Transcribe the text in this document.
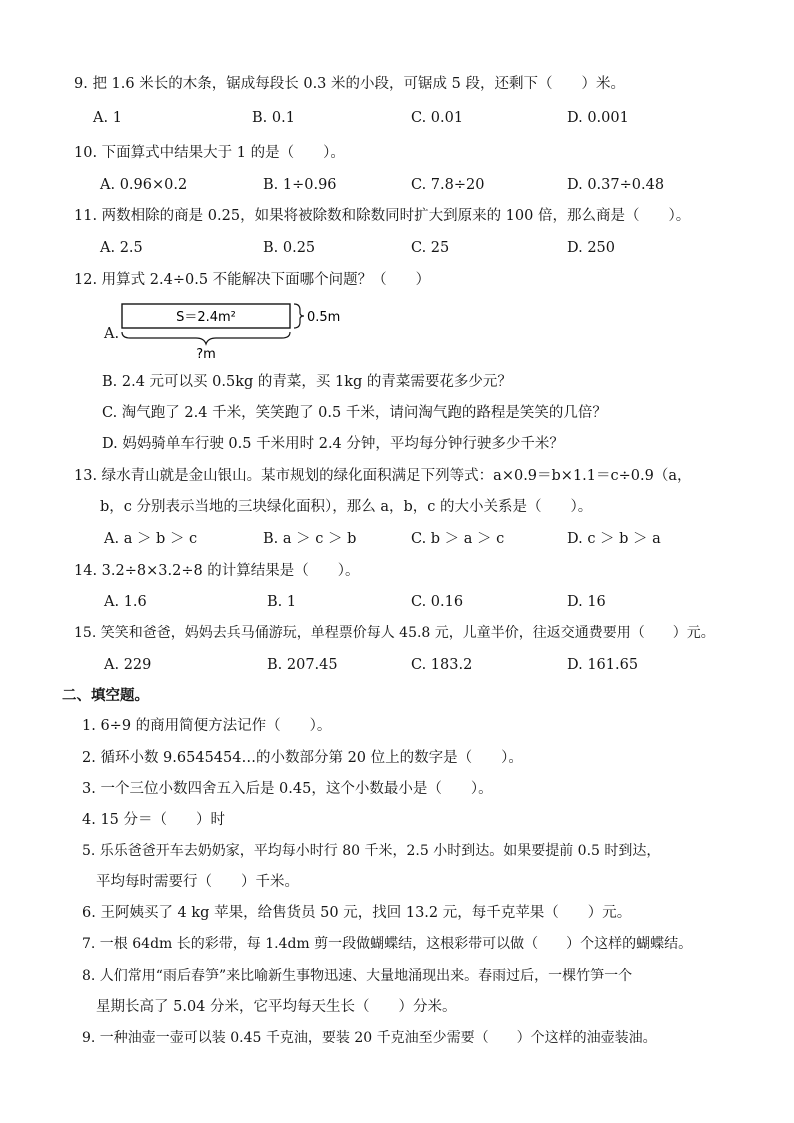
9. 把 1.6 米长的木条，锯成每段长 0.3 米的小段，可锯成 5 段，还剩下（　　）米。
A. 1	B. 0.1	C. 0.01	D. 0.001
10. 下面算式中结果大于 1 的是（　　）。
A. 0.96×0.2	B. 1÷0.96	C. 7.8÷20	D. 0.37÷0.48
11. 两数相除的商是 0.25，如果将被除数和除数同时扩大到原来的 100 倍，那么商是（　　）。
A. 2.5	B. 0.25	C. 25	D. 250
12. 用算式 2.4÷0.5 不能解决下面哪个问题？（　　）
A.
S＝2.4m²	0.5m
?m
B. 2.4 元可以买 0.5kg 的青菜，买 1kg 的青菜需要花多少元？
C. 淘气跑了 2.4 千米，笑笑跑了 0.5 千米，请问淘气跑的路程是笑笑的几倍？
D. 妈妈骑单车行驶 0.5 千米用时 2.4 分钟，平均每分钟行驶多少千米？
13. 绿水青山就是金山银山。某市规划的绿化面积满足下列等式：a×0.9＝b×1.1＝c÷0.9（a，
b，c 分别表示当地的三块绿化面积），那么 a，b，c 的大小关系是（　　）。
A. a ＞ b ＞ c	B. a ＞ c ＞ b	C. b ＞ a ＞ c	D. c ＞ b ＞ a
14. 3.2÷8×3.2÷8 的计算结果是（　　）。
A. 1.6	B. 1	C. 0.16	D. 16
15. 笑笑和爸爸，妈妈去兵马俑游玩，单程票价每人 45.8 元，儿童半价，往返交通费要用（　　）元。
A. 229	B. 207.45	C. 183.2	D. 161.65
二、填空题。
1. 6÷9 的商用简便方法记作（　　）。
2. 循环小数 9.6545454…的小数部分第 20 位上的数字是（　　）。
3. 一个三位小数四舍五入后是 0.45，这个小数最小是（　　）。
4. 15 分＝（　　）时
5. 乐乐爸爸开车去奶奶家，平均每小时行 80 千米，2.5 小时到达。如果要提前 0.5 时到达，
平均每时需要行（　　）千米。
6. 王阿姨买了 4 kg 苹果，给售货员 50 元，找回 13.2 元，每千克苹果（　　）元。
7. 一根 64dm 长的彩带，每 1.4dm 剪一段做蝴蝶结，这根彩带可以做（　　）个这样的蝴蝶结。
8. 人们常用“雨后春笋”来比喻新生事物迅速、大量地涌现出来。春雨过后，一棵竹笋一个
星期长高了 5.04 分米，它平均每天生长（　　）分米。
9. 一种油壶一壶可以装 0.45 千克油，要装 20 千克油至少需要（　　）个这样的油壶装油。
